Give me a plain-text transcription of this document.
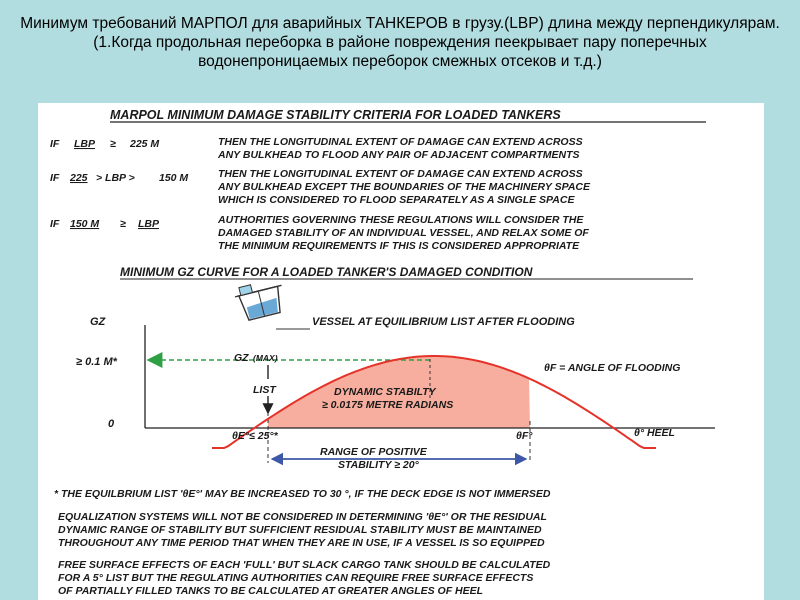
Минимум требований МАРПОЛ для аварийных ТАНКЕРОВ в грузу.(LBP) длина между перпендикулярам.(1.Когда продольная переборка в районе повреждения пеекрывает пару поперечных водонепроницаемых переборок смежных отсеков и т.д.)
MARPOL MINIMUM DAMAGE STABILITY CRITERIA FOR LOADED TANKERS
IF LBP ≥ 225 M	THEN THE LONGITUDINAL EXTENT OF DAMAGE CAN EXTEND ACROSS
ANY BULKHEAD TO FLOOD ANY PAIR OF ADJACENT COMPARTMENTS
IF 225 > LBP > 150 M	THEN THE LONGITUDINAL EXTENT OF DAMAGE CAN EXTEND ACROSS
ANY BULKHEAD EXCEPT THE BOUNDARIES OF THE MACHINERY SPACE
WHICH IS CONSIDERED TO FLOOD SEPARATELY AS A SINGLE SPACE
IF 150 M ≥ LBP	AUTHORITIES GOVERNING THESE REGULATIONS WILL CONSIDER THE
DAMAGED STABILITY OF AN INDIVIDUAL VESSEL, AND RELAX SOME OF
THE MINIMUM REQUIREMENTS IF THIS IS CONSIDERED APPROPRIATE
MINIMUM GZ CURVE FOR A LOADED TANKER'S DAMAGED CONDITION
GZ
≥ 0.1 M*
0
VESSEL AT EQUILIBRIUM LIST AFTER FLOODING
GZ (MAX)
LIST	DYNAMIC STABILTY
≥ 0.0175 METRE RADIANS
θF = ANGLE OF FLOODING
θ° HEEL
θE°≤ 25°*	θF°
RANGE OF POSITIVE
STABILITY ≥ 20°
* THE EQUILBRIUM LIST 'θE°' MAY BE INCREASED TO 30 °, IF THE DECK EDGE IS NOT IMMERSED
EQUALIZATION SYSTEMS WILL NOT BE CONSIDERED IN DETERMINING 'θE°' OR THE RESIDUAL
DYNAMIC RANGE OF STABILITY BUT SUFFICIENT RESIDUAL STABILITY MUST BE MAINTAINED
THROUGHOUT ANY TIME PERIOD THAT WHEN THEY ARE IN USE, IF A VESSEL IS SO EQUIPPED
FREE SURFACE EFFECTS OF EACH 'FULL' BUT SLACK CARGO TANK SHOULD BE CALCULATED
FOR A 5° LIST BUT THE REGULATING AUTHORITIES CAN REQUIRE FREE SURFACE EFFECTS
OF PARTIALLY FILLED TANKS TO BE CALCULATED AT GREATER ANGLES OF HEEL
